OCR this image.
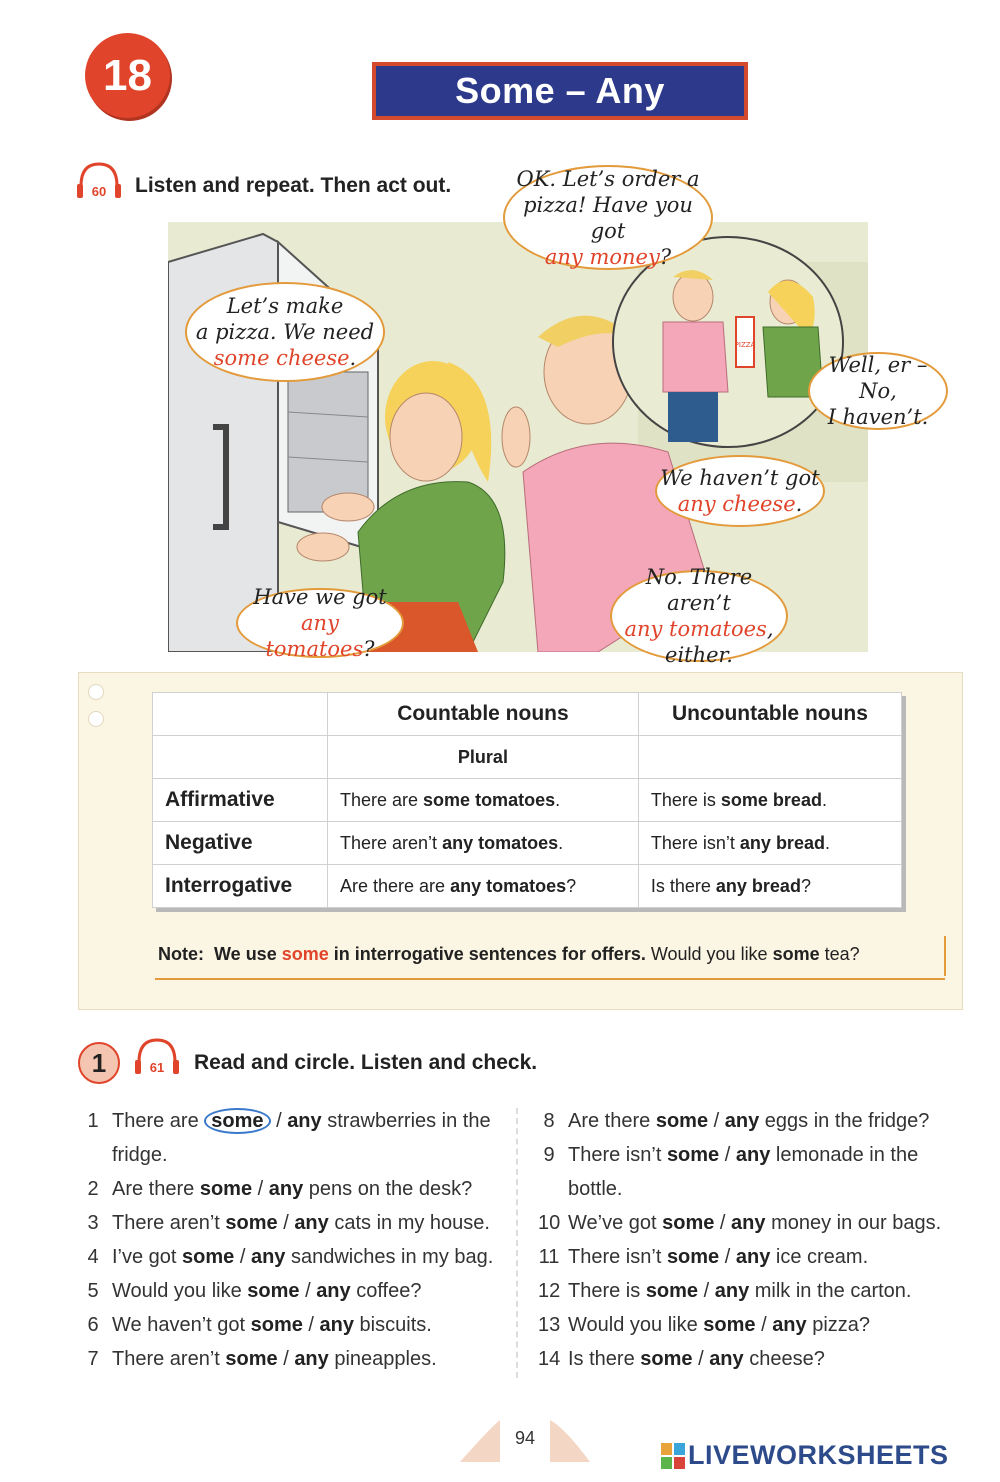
18	Some – Any
60 Listen and repeat. Then act out.
PIZZA
OK. Let’s order a
pizza! Have you got
any money?
Let’s make
a pizza. We need
some cheese.	Well, er – No,
I haven’t.
We haven’t got
any cheese.
Have we got any
tomatoes?
No. There aren’t
any tomatoes,
either.
	Countable nouns	Uncountable nouns
	Plural	
Affirmative	There are some tomatoes.	There is some bread.
Negative	There aren’t any tomatoes.	There isn’t any bread.
Interrogative	Are there are any tomatoes?	Is there any bread?
Note: We use some in interrogative sentences for offers. Would you like some tea?
1	61 Read and circle. Listen and check.
1 There are some / any strawberries in the
fridge.
2 Are there some / any pens on the desk?
3 There aren’t some / any cats in my house.
4 I’ve got some / any sandwiches in my bag.
5 Would you like some / any coffee?
6 We haven’t got some / any biscuits.
7 There aren’t some / any pineapples.
8 Are there some / any eggs in the fridge?
9 There isn’t some / any lemonade in the
bottle.
10 We’ve got some / any money in our bags.
11 There isn’t some / any ice cream.
12 There is some / any milk in the carton.
13 Would you like some / any pizza?
14 Is there some / any cheese?
94
LIVEWORKSHEETS
